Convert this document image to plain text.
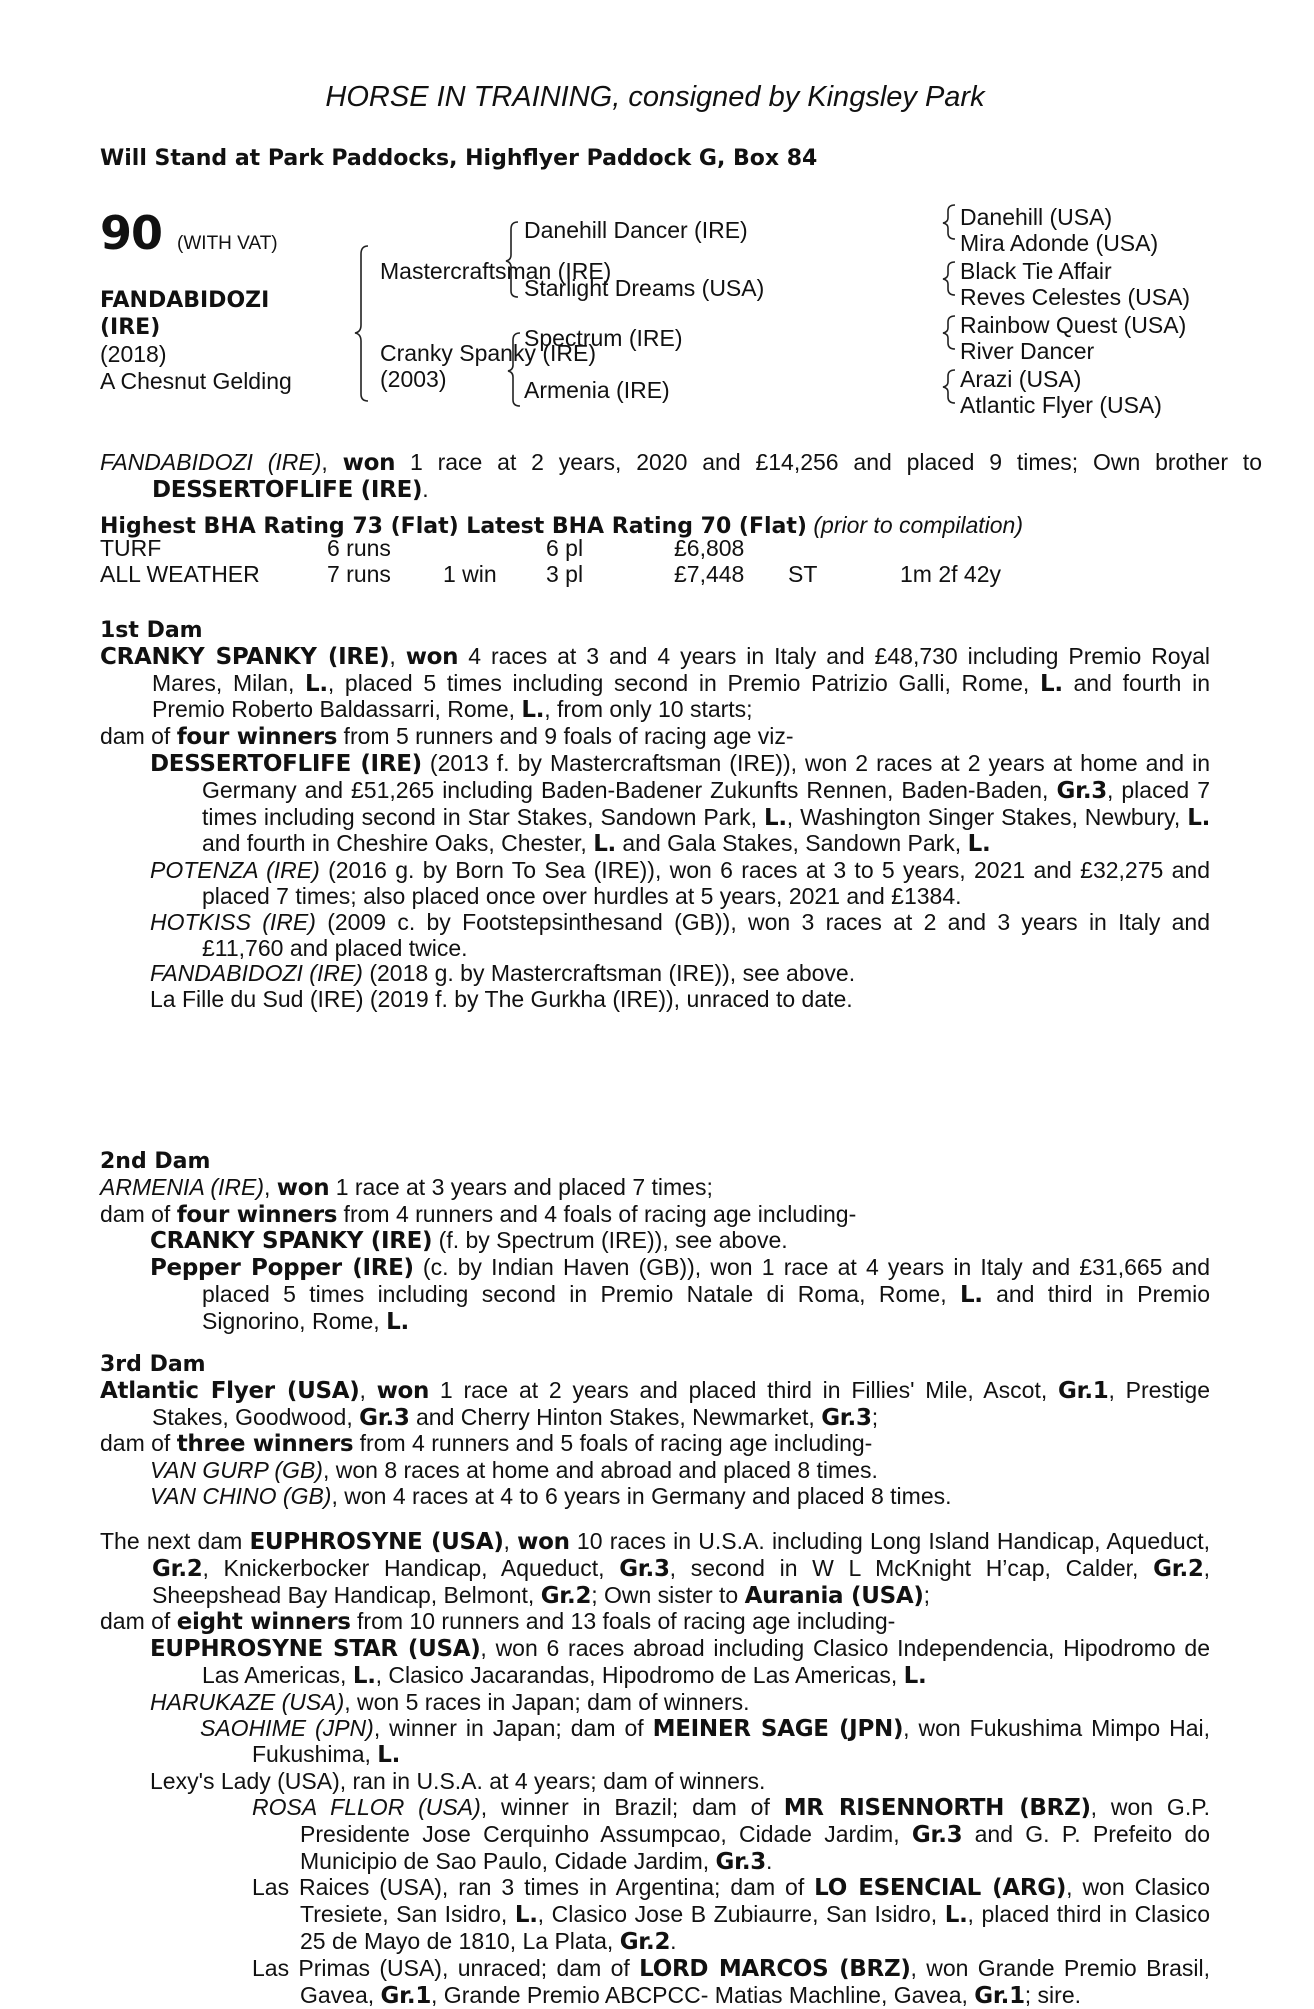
HORSE IN TRAINING, consigned by Kingsley Park
Will Stand at Park Paddocks, Highflyer Paddock G, Box 84
90 (WITH VAT)
FANDABIDOZI
(IRE)
(2018)
A Chesnut Gelding
Mastercraftsman (IRE)
Cranky Spanky (IRE)
(2003)
Danehill Dancer (IRE)
Starlight Dreams (USA)
Spectrum (IRE)
Armenia (IRE)
Danehill (USA)
Mira Adonde (USA)
Black Tie Affair
Reves Celestes (USA)
Rainbow Quest (USA)
River Dancer
Arazi (USA)
Atlantic Flyer (USA)
FANDABIDOZI (IRE), won 1 race at 2 years, 2020 and £14,256 and placed 9 times; Own brother to DESSERTOFLIFE (IRE).
Highest BHA Rating 73 (Flat) Latest BHA Rating 70 (Flat) (prior to compilation)
TURF	6 runs	6 pl	£6,808
ALL WEATHER	7 runs	1 win	3 pl	£7,448	ST	1m 2f 42y
1st Dam

CRANKY SPANKY (IRE), won 4 races at 3 and 4 years in Italy and £48,730 including Premio Royal Mares, Milan, L., placed 5 times including second in Premio Patrizio Galli, Rome, L. and fourth in Premio Roberto Baldassarri, Rome, L., from only 10 starts;

dam of four winners from 5 runners and 9 foals of racing age viz-

DESSERTOFLIFE (IRE) (2013 f. by Mastercraftsman (IRE)), won 2 races at 2 years at home and in Germany and £51,265 including Baden-Badener Zukunfts Rennen, Baden-Baden, Gr.3, placed 7 times including second in Star Stakes, Sandown Park, L., Washington Singer Stakes, Newbury, L. and fourth in Cheshire Oaks, Chester, L. and Gala Stakes, Sandown Park, L.

POTENZA (IRE) (2016 g. by Born To Sea (IRE)), won 6 races at 3 to 5 years, 2021 and £32,275 and placed 7 times; also placed once over hurdles at 5 years, 2021 and £1384.

HOTKISS (IRE) (2009 c. by Footstepsinthesand (GB)), won 3 races at 2 and 3 years in Italy and £11,760 and placed twice.

FANDABIDOZI (IRE) (2018 g. by Mastercraftsman (IRE)), see above.

La Fille du Sud (IRE) (2019 f. by The Gurkha (IRE)), unraced to date.

2nd Dam

ARMENIA (IRE), won 1 race at 3 years and placed 7 times;

dam of four winners from 4 runners and 4 foals of racing age including-

CRANKY SPANKY (IRE) (f. by Spectrum (IRE)), see above.

Pepper Popper (IRE) (c. by Indian Haven (GB)), won 1 race at 4 years in Italy and £31,665 and placed 5 times including second in Premio Natale di Roma, Rome, L. and third in Premio Signorino, Rome, L.

3rd Dam

Atlantic Flyer (USA), won 1 race at 2 years and placed third in Fillies' Mile, Ascot, Gr.1, Prestige Stakes, Goodwood, Gr.3 and Cherry Hinton Stakes, Newmarket, Gr.3;

dam of three winners from 4 runners and 5 foals of racing age including-

VAN GURP (GB), won 8 races at home and abroad and placed 8 times.

VAN CHINO (GB), won 4 races at 4 to 6 years in Germany and placed 8 times.

The next dam EUPHROSYNE (USA), won 10 races in U.S.A. including Long Island Handicap, Aqueduct, Gr.2, Knickerbocker Handicap, Aqueduct, Gr.3, second in W L McKnight H’cap, Calder, Gr.2, Sheepshead Bay Handicap, Belmont, Gr.2; Own sister to Aurania (USA);

dam of eight winners from 10 runners and 13 foals of racing age including-

EUPHROSYNE STAR (USA), won 6 races abroad including Clasico Independencia, Hipodromo de Las Americas, L., Clasico Jacarandas, Hipodromo de Las Americas, L.

HARUKAZE (USA), won 5 races in Japan; dam of winners.

SAOHIME (JPN), winner in Japan; dam of MEINER SAGE (JPN), won Fukushima Mimpo Hai, Fukushima, L.

Lexy's Lady (USA), ran in U.S.A. at 4 years; dam of winners.

ROSA FLLOR (USA), winner in Brazil; dam of MR RISENNORTH (BRZ), won G.P. Presidente Jose Cerquinho Assumpcao, Cidade Jardim, Gr.3 and G. P. Prefeito do Municipio de Sao Paulo, Cidade Jardim, Gr.3.

Las Raices (USA), ran 3 times in Argentina; dam of LO ESENCIAL (ARG), won Clasico Tresiete, San Isidro, L., Clasico Jose B Zubiaurre, San Isidro, L., placed third in Clasico 25 de Mayo de 1810, La Plata, Gr.2.

Las Primas (USA), unraced; dam of LORD MARCOS (BRZ), won Grande Premio Brasil, Gavea, Gr.1, Grande Premio ABCPCC- Matias Machline, Gavea, Gr.1; sire.
